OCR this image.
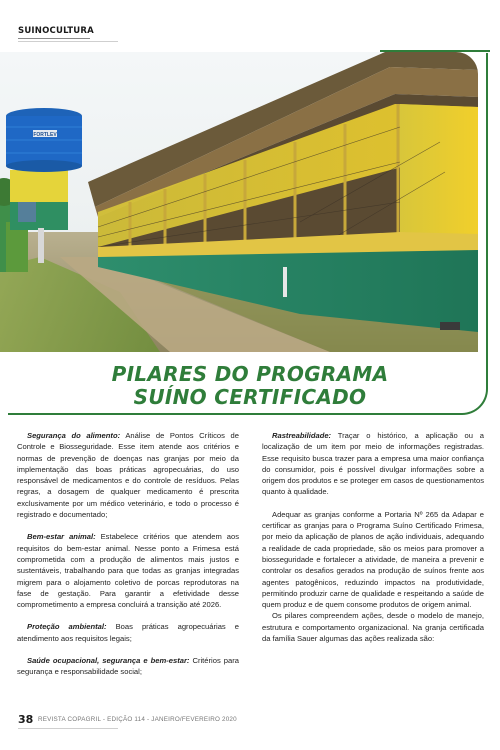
SUINOCULTURA
FORTLEV
PILARES DO PROGRAMA
SUÍNO CERTIFICADO

Segurança do alimento: Análise de Pontos Críticos de Controle e Biosseguridade. Esse item atende aos critérios e normas de prevenção de doenças nas granjas por meio da implementação das boas práticas agropecuárias, do uso responsável de medicamentos e do controle de resíduos. Pelas regras, a dosagem de qualquer medicamento é prescrita exclusivamente por um médico veterinário, e todo o processo é registrado e documentado;

Bem-estar animal: Estabelece critérios que atendem aos requisitos do bem-estar animal. Nesse ponto a Frimesa está comprometida com a produção de alimentos mais justos e sustentáveis, trabalhando para que todas as granjas integradas migrem para o alojamento coletivo de porcas reprodutoras na fase de gestação. Para garantir a efetividade desse comprometimento a empresa concluirá a transição até 2026.

Proteção ambiental: Boas práticas agropecuárias e atendimento aos requisitos legais;

Saúde ocupacional, segurança e bem-estar: Critérios para segurança e responsabilidade social;

Rastreabilidade: Traçar o histórico, a aplicação ou a localização de um item por meio de informações registradas. Esse requisito busca trazer para a empresa uma maior confiança do consumidor, pois é possível divulgar informações sobre a origem dos produtos e se proteger em casos de questionamentos quanto à qualidade.

Adequar as granjas conforme a Portaria Nº 265 da Adapar e certificar as granjas para o Programa Suíno Certificado Frimesa, por meio da aplicação de planos de ação individuais, adequando a realidade de cada propriedade, são os meios para promover a biosseguridade e fortalecer a atividade, de maneira a prevenir e controlar os desafios gerados na produção de suínos frente aos agentes patogênicos, reduzindo impactos na produtividade, permitindo produzir carne de qualidade e respeitando a saúde de quem produz e de quem consome produtos de origem animal.

Os pilares compreendem ações, desde o modelo de manejo, estrutura e comportamento organizacional. Na granja certificada da família Sauer algumas das ações realizada são:

38 REVISTA COPAGRIL - EDIÇÃO 114 - JANEIRO/FEVEREIRO 2020
